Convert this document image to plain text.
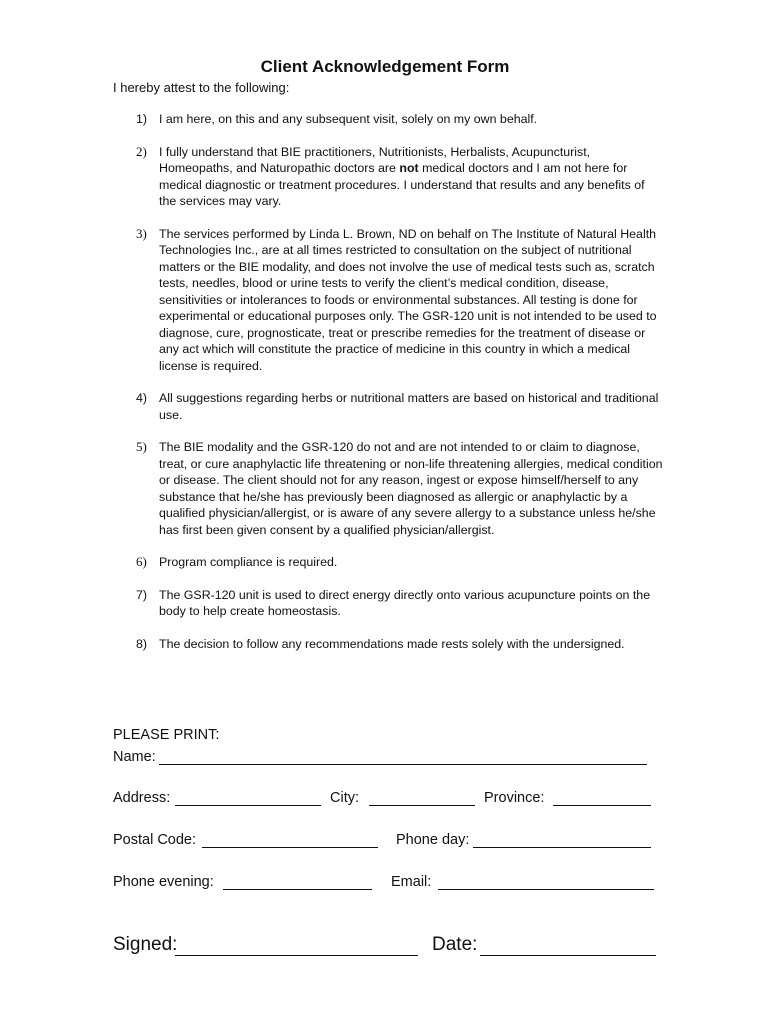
Client Acknowledgement Form
I hereby attest to the following:
1) I am here, on this and any subsequent visit, solely on my own behalf.
2) I fully understand that BIE practitioners, Nutritionists, Herbalists, Acupuncturist, Homeopaths, and Naturopathic doctors are not medical doctors and I am not here for medical diagnostic or treatment procedures. I understand that results and any benefits of the services may vary.
3) The services performed by Linda L. Brown, ND on behalf on The Institute of Natural Health Technologies Inc., are at all times restricted to consultation on the subject of nutritional matters or the BIE modality, and does not involve the use of medical tests such as, scratch tests, needles, blood or urine tests to verify the client’s medical condition, disease, sensitivities or intolerances to foods or environmental substances. All testing is done for experimental or educational purposes only. The GSR-120 unit is not intended to be used to diagnose, cure, prognosticate, treat or prescribe remedies for the treatment of disease or any act which will constitute the practice of medicine in this country in which a medical license is required.
4) All suggestions regarding herbs or nutritional matters are based on historical and traditional use.
5) The BIE modality and the GSR-120 do not and are not intended to or claim to diagnose, treat, or cure anaphylactic life threatening or non-life threatening allergies, medical condition or disease. The client should not for any reason, ingest or expose himself/herself to any substance that he/she has previously been diagnosed as allergic or anaphylactic by a qualified physician/allergist, or is aware of any severe allergy to a substance unless he/she has first been given consent by a qualified physician/allergist.
6) Program compliance is required.
7) The GSR-120 unit is used to direct energy directly onto various acupuncture points on the body to help create homeostasis.
8) The decision to follow any recommendations made rests solely with the undersigned.
PLEASE PRINT:
Name:
Address:	City:	Province:
Postal Code:	Phone day:
Phone evening:	Email:
Signed:	Date:
